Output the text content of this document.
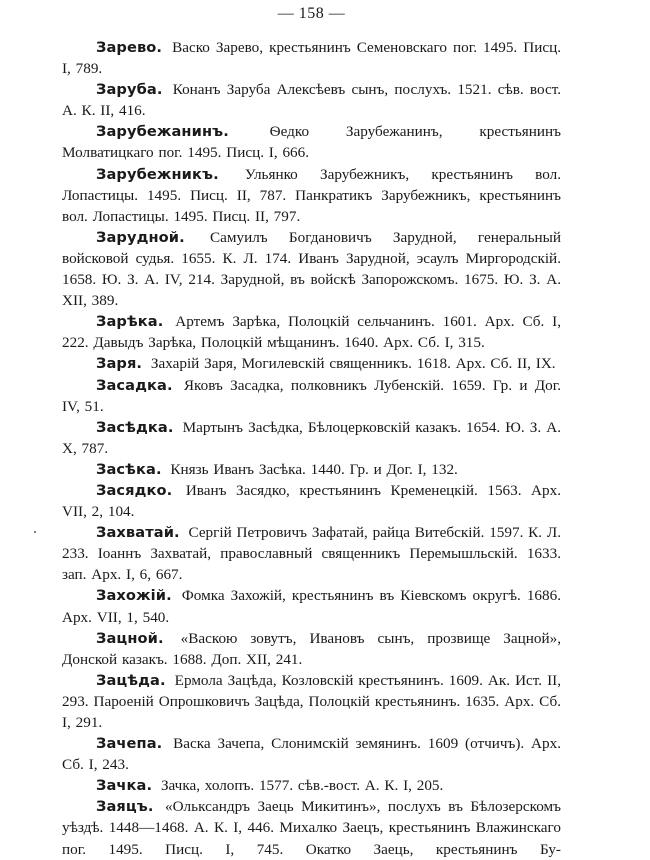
— 158 —

Зарево. Васко Зарево, крестьянинъ Семеновскаго пог. 1495. Писц. I, 789.

Заруба. Конанъ Заруба Алексѣевъ сынъ, послухъ. 1521. сѣв. вост. А. К. II, 416.

Зарубежанинъ.	Ѳедко Зарубежанинъ, крестьянинъ Молватицкаго пог. 1495. Писц. I, 666.

Зарубежникъ. Ульянко Зарубежникъ, крестьянинъ вол. Лопастицы. 1495. Писц. II, 787. Панкратикъ Зарубежникъ, крестьянинъ вол. Лопастицы. 1495. Писц. II, 797.

Зарудной. Самуилъ Богдановичъ Зарудной, генеральный войсковой судья. 1655. К. Л. 174. Иванъ Зарудной, эсаулъ Миргородскій. 1658. Ю. З. А. IV, 214. Зарудной, въ войскѣ Запорожскомъ. 1675. Ю. З. А. XII, 389.

Зарѣка. Артемъ Зарѣка, Полоцкій сельчанинъ. 1601. Арх. Сб. I, 222. Давыдъ Зарѣка, Полоцкій мѣщанинъ. 1640. Арх. Сб. I, 315.

Заря. Захарій Заря, Могилевскій священникъ. 1618. Арх. Сб. II, IX.

Засадка. Яковъ Засадка, полковникъ Лубенскій. 1659. Гр. и Дог. IV, 51.

Засѣдка. Мартынъ Засѣдка, Бѣлоцерковскій казакъ. 1654. Ю. З. А. X, 787.

Засѣка. Князь Иванъ Засѣка. 1440. Гр. и Дог. I, 132.

Засядко. Иванъ Засядко, крестьянинъ Кременецкій. 1563. Арх. VII, 2, 104.

Захватай. Сергій Петровичъ Зафатай, райца Витебскій. 1597. К. Л. 233. Іоаннъ Захватай, православный священникъ Перемышльскій. 1633. зап. Арх. I, 6, 667.

Захожій. Фомка Захожій, крестьянинъ въ Кіевскомъ округѣ. 1686. Арх. VII, 1, 540.

Зацной. «Васкою зовутъ, Ивановъ сынъ, прозвище Зацной», Донской казакъ. 1688. Доп. XII, 241.

Зацѣда. Ермола Зацѣда, Козловскій крестьянинъ. 1609. Ак. Ист. II, 293. Пароеній Опрошковичъ Зацѣда, Полоцкій крестьянинъ. 1635. Арх. Сб. I, 291.

Зачепа. Васка Зачепа, Слонимскій земянинъ. 1609 (отчичъ). Арх. Сб. I, 243.

Зачка. Зачка, холопъ. 1577. сѣв.-вост. А. К. I, 205.

Заяцъ. «Ольксандръ Заець Микитинъ», послухъ въ Бѣлозерскомъ уѣздѣ. 1448—1468. А. К. I, 446. Михалко Заецъ, крестьянинъ Влажинскаго пог. 1495. Писц. I, 745. Окатко Заець, крестьянинъ Бу-
